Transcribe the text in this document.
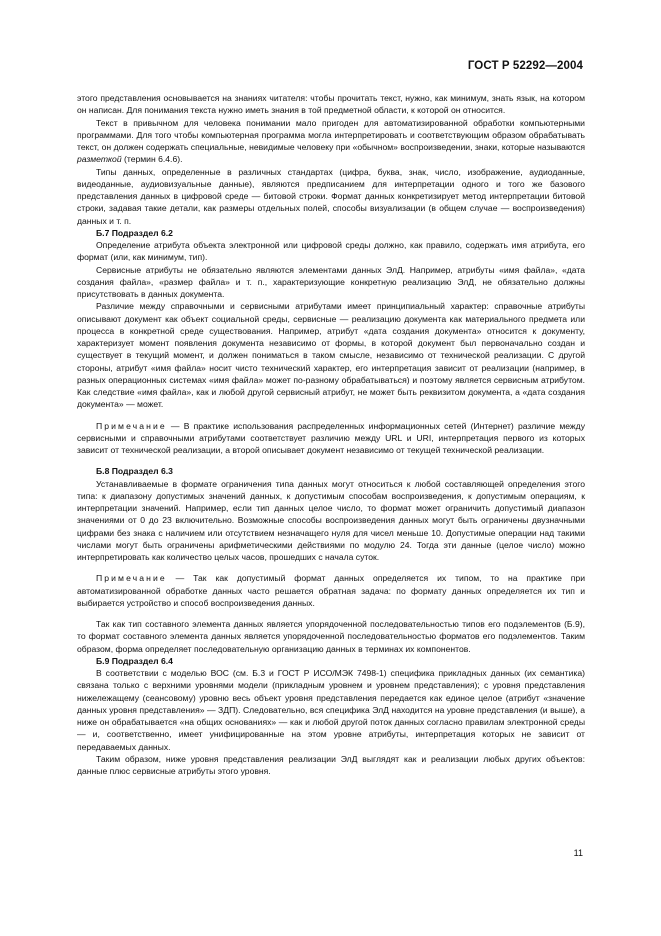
ГОСТ Р 52292—2004

этого представления основывается на знаниях читателя: чтобы прочитать текст, нужно, как минимум, знать язык, на котором он написан. Для понимания текста нужно иметь знания в той предметной области, к которой он относится.

Текст в привычном для человека понимании мало пригоден для автоматизированной обработки компьютерными программами. Для того чтобы компьютерная программа могла интерпретировать и соответствующим образом обрабатывать текст, он должен содержать специальные, невидимые человеку при «обычном» воспроизведении, знаки, которые называются разметкой (термин 6.4.6).

Типы данных, определенные в различных стандартах (цифра, буква, знак, число, изображение, аудиоданные, видеоданные, аудиовизуальные данные), являются предписанием для интерпретации одного и того же базового представления данных в цифровой среде — битовой строки. Формат данных конкретизирует метод интерпретации битовой строки, задавая такие детали, как размеры отдельных полей, способы визуализации (в общем случае — воспроизведения) данных и т. п.

Б.7 Подраздел 6.2

Определение атрибута объекта электронной или цифровой среды должно, как правило, содержать имя атрибута, его формат (или, как минимум, тип).

Сервисные атрибуты не обязательно являются элементами данных ЭлД. Например, атрибуты «имя файла», «дата создания файла», «размер файла» и т. п., характеризующие конкретную реализацию ЭлД, не обязательно должны присутствовать в данных документа.

Различие между справочными и сервисными атрибутами имеет принципиальный характер: справочные атрибуты описывают документ как объект социальной среды, сервисные — реализацию документа как материального предмета или процесса в конкретной среде существования. Например, атрибут «дата создания документа» относится к документу, характеризует момент появления документа независимо от формы, в которой документ был первоначально создан и существует в текущий момент, и должен пониматься в таком смысле, независимо от технической реализации. С другой стороны, атрибут «имя файла» носит чисто технический характер, его интерпретация зависит от реализации (например, в разных операционных системах «имя файла» может по-разному обрабатываться) и поэтому является сервисным атрибутом. Как следствие «имя файла», как и любой другой сервисный атрибут, не может быть реквизитом документа, а «дата создания документа» — может.

Примечание — В практике использования распределенных информационных сетей (Интернет) различие между сервисными и справочными атрибутами соответствует различию между URL и URI, интерпретация первого из которых зависит от технической реализации, а второй описывает документ независимо от текущей технической реализации.

Б.8 Подраздел 6.3

Устанавливаемые в формате ограничения типа данных могут относиться к любой составляющей определения этого типа: к диапазону допустимых значений данных, к допустимым способам воспроизведения, к допустимым операциям, к интерпретации значений. Например, если тип данных целое число, то формат может ограничить допустимый диапазон значениями от 0 до 23 включительно. Возможные способы воспроизведения данных могут быть ограничены двузначными цифрами без знака с наличием или отсутствием незначащего нуля для чисел меньше 10. Допустимые операции над такими числами могут быть ограничены арифметическими действиями по модулю 24. Тогда эти данные (целое число) можно интерпретировать как количество целых часов, прошедших с начала суток.

Примечание — Так как допустимый формат данных определяется их типом, то на практике при автоматизированной обработке данных часто решается обратная задача: по формату данных определяется их тип и выбирается устройство и способ воспроизведения данных.

Так как тип составного элемента данных является упорядоченной последовательностью типов его подэлементов (Б.9), то формат составного элемента данных является упорядоченной последовательностью форматов его подэлементов. Таким образом, форма определяет последовательную организацию данных в терминах их компонентов.

Б.9 Подраздел 6.4

В соответствии с моделью ВОС (см. Б.3 и ГОСТ Р ИСО/МЭК 7498-1) специфика прикладных данных (их семантика) связана только с верхними уровнями модели (прикладным уровнем и уровнем представления); с уровня представления нижележащему (сеансовому) уровню весь объект уровня представления передается как единое целое (атрибут «значение данных уровня представления» — ЗДП). Следовательно, вся специфика ЭлД находится на уровне представления (и выше), а ниже он обрабатывается «на общих основаниях» — как и любой другой поток данных согласно правилам электронной среды — и, соответственно, имеет унифицированные на этом уровне атрибуты, интерпретация которых не зависит от передаваемых данных.

Таким образом, ниже уровня представления реализации ЭлД выглядят как и реализации любых других объектов: данные плюс сервисные атрибуты этого уровня.

11
